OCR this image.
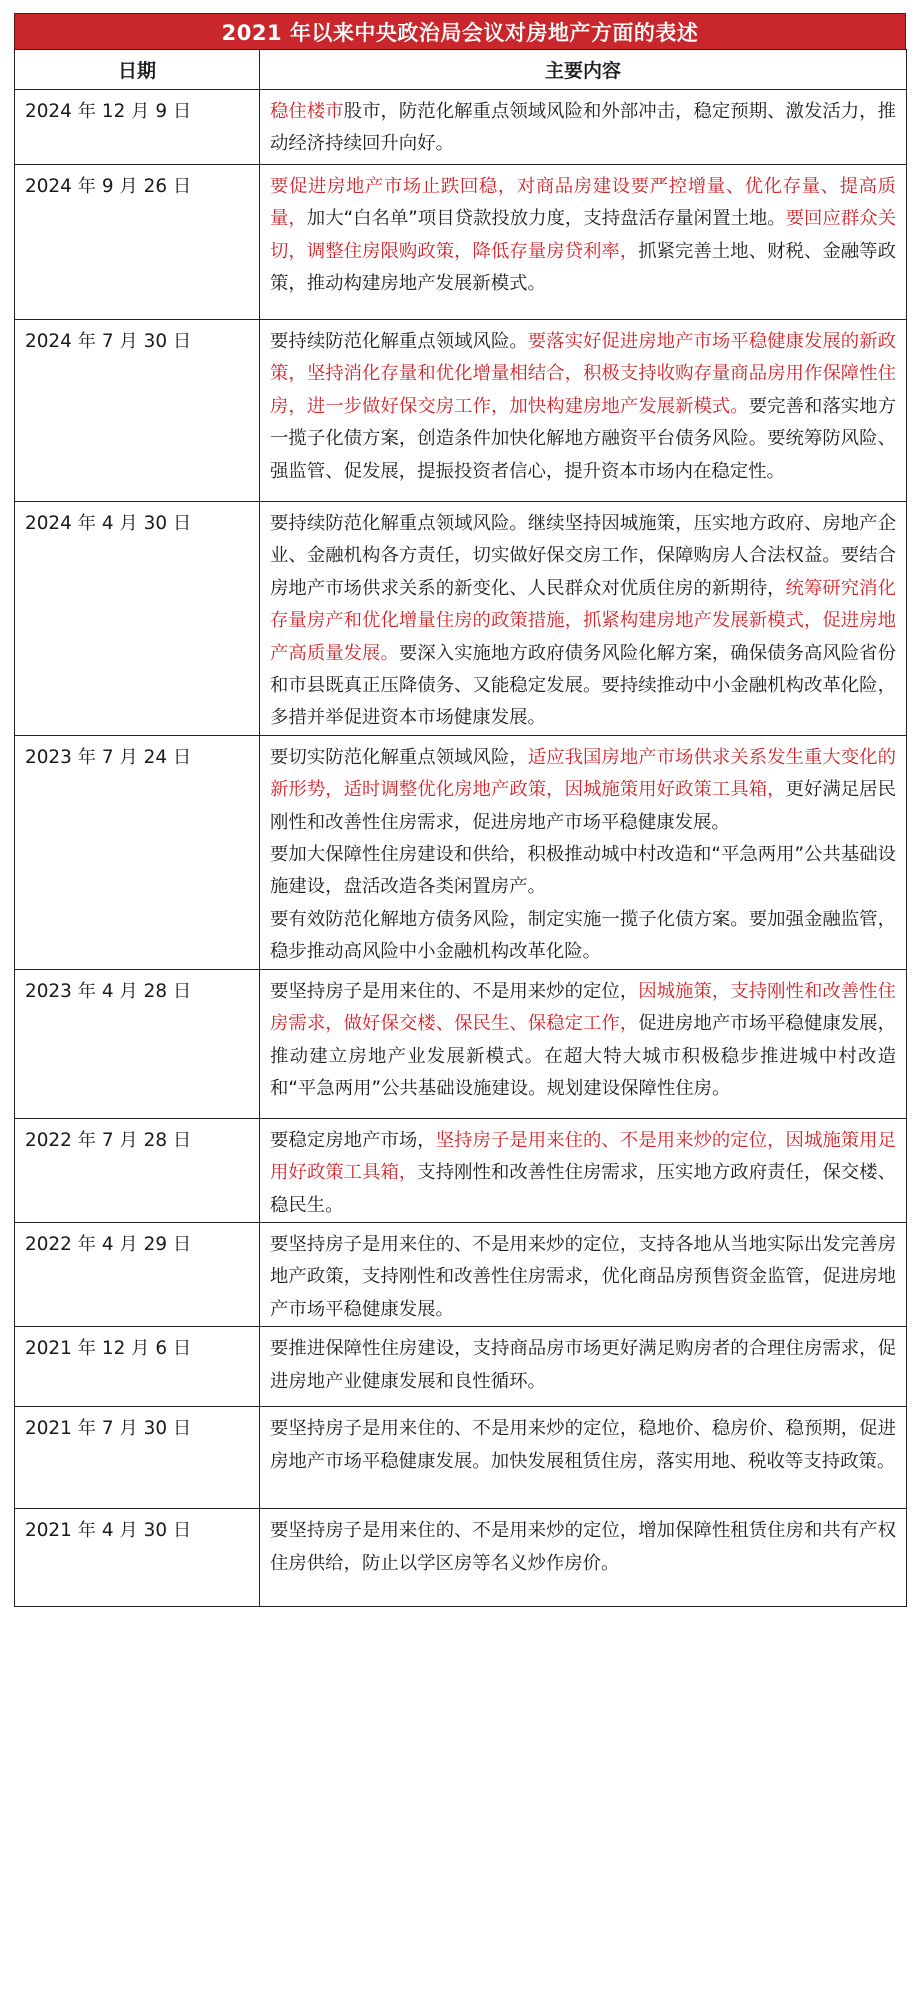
2021 年以来中央政治局会议对房地产方面的表述
日期	主要内容
2024 年 12 月 9 日	稳住楼市股市，防范化解重点领域风险和外部冲击，稳定预期、激发活力，推动经济持续回升向好。

2024 年 9 月 26 日	要促进房地产市场止跌回稳，对商品房建设要严控增量、优化存量、提高质量，加大“白名单”项目贷款投放力度，支持盘活存量闲置土地。要回应群众关切，调整住房限购政策，降低存量房贷利率，抓紧完善土地、财税、金融等政策，推动构建房地产发展新模式。

2024 年 7 月 30 日	要持续防范化解重点领域风险。要落实好促进房地产市场平稳健康发展的新政策，坚持消化存量和优化增量相结合，积极支持收购存量商品房用作保障性住房，进一步做好保交房工作，加快构建房地产发展新模式。要完善和落实地方一揽子化债方案，创造条件加快化解地方融资平台债务风险。要统筹防风险、强监管、促发展，提振投资者信心，提升资本市场内在稳定性。

2024 年 4 月 30 日	要持续防范化解重点领域风险。继续坚持因城施策，压实地方政府、房地产企业、金融机构各方责任，切实做好保交房工作，保障购房人合法权益。要结合房地产市场供求关系的新变化、人民群众对优质住房的新期待，统筹研究消化存量房产和优化增量住房的政策措施，抓紧构建房地产发展新模式，促进房地产高质量发展。要深入实施地方政府债务风险化解方案，确保债务高风险省份和市县既真正压降债务、又能稳定发展。要持续推动中小金融机构改革化险，多措并举促进资本市场健康发展。

2023 年 7 月 24 日	要切实防范化解重点领域风险，适应我国房地产市场供求关系发生重大变化的新形势，适时调整优化房地产政策，因城施策用好政策工具箱，更好满足居民刚性和改善性住房需求，促进房地产市场平稳健康发展。
要加大保障性住房建设和供给，积极推动城中村改造和“平急两用”公共基础设施建设，盘活改造各类闲置房产。
要有效防范化解地方债务风险，制定实施一揽子化债方案。要加强金融监管，稳步推动高风险中小金融机构改革化险。

2023 年 4 月 28 日	要坚持房子是用来住的、不是用来炒的定位，因城施策，支持刚性和改善性住房需求，做好保交楼、保民生、保稳定工作，促进房地产市场平稳健康发展，推动建立房地产业发展新模式。在超大特大城市积极稳步推进城中村改造和“平急两用”公共基础设施建设。规划建设保障性住房。

2022 年 7 月 28 日	要稳定房地产市场，坚持房子是用来住的、不是用来炒的定位，因城施策用足用好政策工具箱，支持刚性和改善性住房需求，压实地方政府责任，保交楼、稳民生。

2022 年 4 月 29 日	要坚持房子是用来住的、不是用来炒的定位，支持各地从当地实际出发完善房地产政策，支持刚性和改善性住房需求，优化商品房预售资金监管，促进房地产市场平稳健康发展。

2021 年 12 月 6 日	要推进保障性住房建设，支持商品房市场更好满足购房者的合理住房需求，促进房地产业健康发展和良性循环。

2021 年 7 月 30 日	要坚持房子是用来住的、不是用来炒的定位，稳地价、稳房价、稳预期，促进房地产市场平稳健康发展。加快发展租赁住房，落实用地、税收等支持政策。

2021 年 4 月 30 日	要坚持房子是用来住的、不是用来炒的定位，增加保障性租赁住房和共有产权住房供给，防止以学区房等名义炒作房价。
